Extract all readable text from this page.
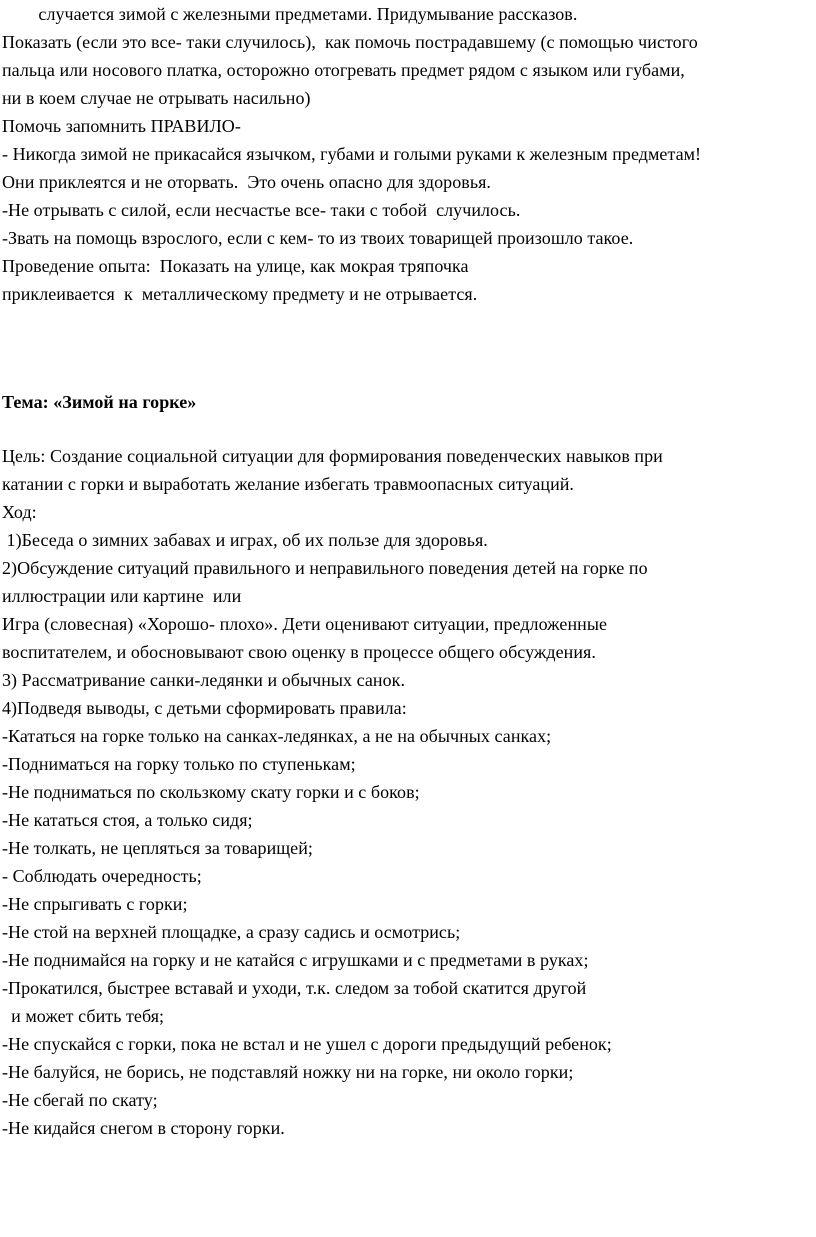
случается зимой с железными предметами. Придумывание рассказов.
Показать (если это все- таки случилось),  как помочь пострадавшему (с помощью чистого
пальца или носового платка, осторожно отогревать предмет рядом с языком или губами,
ни в коем случае не отрывать насильно)
Помочь запомнить ПРАВИЛО-
- Никогда зимой не прикасайся язычком, губами и голыми руками к железным предметам!
Они приклеятся и не оторвать.  Это очень опасно для здоровья.
-Не отрывать с силой, если несчастье все- таки с тобой  случилось.
-Звать на помощь взрослого, если с кем- то из твоих товарищей произошло такое.
Проведение опыта:  Показать на улице, как мокрая тряпочка
приклеивается  к  металлическому предмету и не отрывается.
Тема: «Зимой на горке»
Цель: Создание социальной ситуации для формирования поведенческих навыков при
катании с горки и выработать желание избегать травмоопасных ситуаций.
Ход:
1)Беседа о зимних забавах и играх, об их пользе для здоровья.
2)Обсуждение ситуаций правильного и неправильного поведения детей на горке по
иллюстрации или картине  или
Игра (словесная) «Хорошо- плохо». Дети оценивают ситуации, предложенные
воспитателем, и обосновывают свою оценку в процессе общего обсуждения.
3) Рассматривание санки-ледянки и обычных санок.
4)Подведя выводы, с детьми сформировать правила:
-Кататься на горке только на санках-ледянках, а не на обычных санках;
-Подниматься на горку только по ступенькам;
-Не подниматься по скользкому скату горки и с боков;
-Не кататься стоя, а только сидя;
-Не толкать, не цепляться за товарищей;
- Соблюдать очередность;
-Не спрыгивать с горки;
-Не стой на верхней площадке, а сразу садись и осмотрись;
-Не поднимайся на горку и не катайся с игрушками и с предметами в руках;
-Прокатился, быстрее вставай и уходи, т.к. следом за тобой скатится другой
и может сбить тебя;
-Не спускайся с горки, пока не встал и не ушел с дороги предыдущий ребенок;
-Не балуйся, не борись, не подставляй ножку ни на горке, ни около горки;
-Не сбегай по скату;
-Не кидайся снегом в сторону горки.
